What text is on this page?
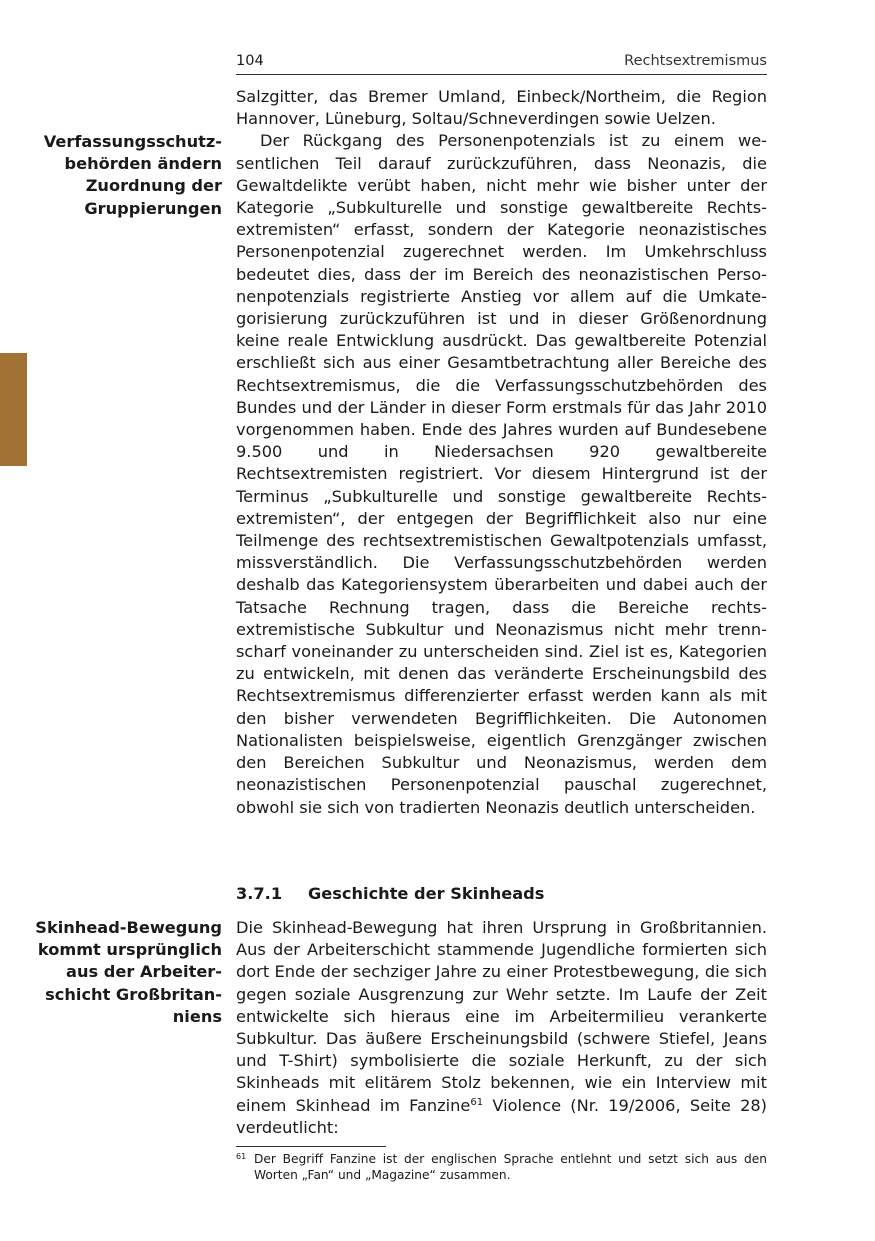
104	Rechtsextremismus
Verfassungsschutzbehörden ändern Zuordnung der Gruppierungen

Salzgitter, das Bremer Umland, Einbeck/Northeim, die Region Hannover, Lüneburg, Soltau/Schneverdingen sowie Uelzen.

Der Rückgang des Personenpotenzials ist zu einem wesentlichen Teil darauf zurückzuführen, dass Neonazis, die Gewaltdelikte verübt haben, nicht mehr wie bisher unter der Kategorie „Subkulturelle und sonstige gewaltbereite Rechtsextremisten“ erfasst, sondern der Kategorie neonazistisches Personenpotenzial zugerechnet werden. Im Umkehrschluss bedeutet dies, dass der im Bereich des neonazistischen Personenpotenzials registrierte Anstieg vor allem auf die Umkategorisierung zurückzuführen ist und in dieser Größenordnung keine reale Entwicklung ausdrückt. Das gewaltbereite Potenzial erschließt sich aus einer Gesamtbetrachtung aller Bereiche des Rechtsextremismus, die die Verfassungsschutzbehörden des Bundes und der Länder in dieser Form erstmals für das Jahr 2010 vorgenommen haben. Ende des Jahres wurden auf Bundesebene 9.500 und in Niedersachsen 920 gewaltbereite Rechtsextremisten registriert. Vor diesem Hintergrund ist der Terminus „Subkulturelle und sonstige gewaltbereite Rechtsextremisten“, der entgegen der Begrifflichkeit also nur eine Teilmenge des rechtsextremistischen Gewaltpotenzials umfasst, missverständlich. Die Verfassungsschutzbehörden werden deshalb das Kategoriensystem überarbeiten und dabei auch der Tatsache Rechnung tragen, dass die Bereiche rechtsextremistische Subkultur und Neonazismus nicht mehr trennscharf voneinander zu unterscheiden sind. Ziel ist es, Kategorien zu entwickeln, mit denen das veränderte Erscheinungsbild des Rechtsextremismus differenzierter erfasst werden kann als mit den bisher verwendeten Begrifflichkeiten. Die Autonomen Nationalisten beispielsweise, eigentlich Grenzgänger zwischen den Bereichen Subkultur und Neonazismus, werden dem neonazistischen Personenpotenzial pauschal zugerechnet, obwohl sie sich von tradierten Neonazis deutlich unterscheiden.

3.7.1 Geschichte der Skinheads
Skinhead-Bewegung kommt ursprünglich aus der Arbeiterschicht Großbritanniens

Die Skinhead-Bewegung hat ihren Ursprung in Großbritannien. Aus der Arbeiterschicht stammende Jugendliche formierten sich dort Ende der sechziger Jahre zu einer Protestbewegung, die sich gegen soziale Ausgrenzung zur Wehr setzte. Im Laufe der Zeit entwickelte sich hieraus eine im Arbeitermilieu verankerte Subkultur. Das äußere Erscheinungsbild (schwere Stiefel, Jeans und T-Shirt) symbolisierte die soziale Herkunft, zu der sich Skinheads mit elitärem Stolz bekennen, wie ein Interview mit einem Skinhead im Fanzine$^{61}$ Violence (Nr. 19/2006, Seite 28) verdeutlicht:

61 Der Begriff Fanzine ist der englischen Sprache entlehnt und setzt sich aus den Worten „Fan“ und „Magazine“ zusammen.
